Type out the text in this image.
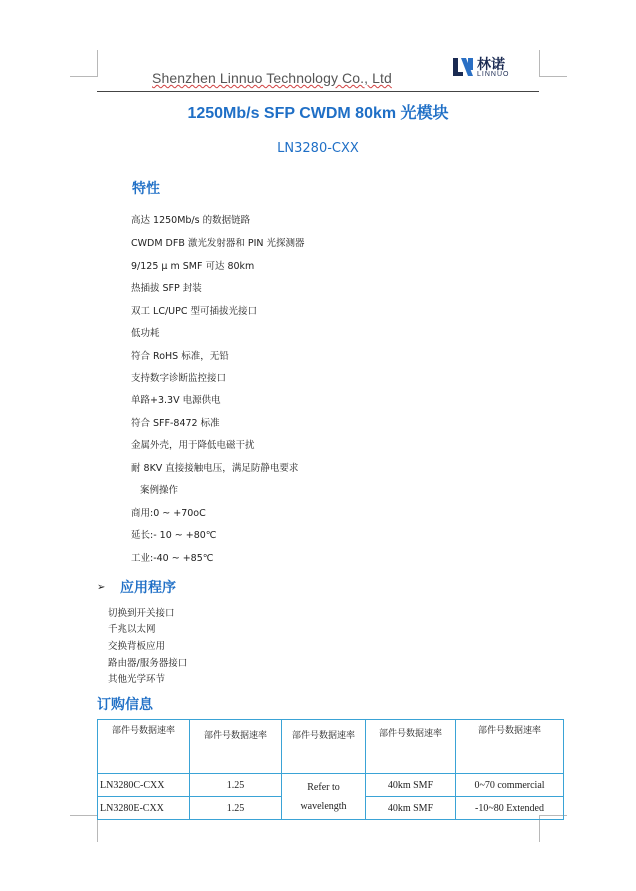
Shenzhen Linnuo Technology Co., Ltd
林诺
LINNUO
1250Mb/s SFP CWDM 80km 光模块
LN3280-CXX
特性
高达 1250Mb/s 的数据链路
CWDM DFB 激光发射器和 PIN 光探测器
9/125 μ m SMF 可达 80km
热插拔 SFP 封装
双工 LC/UPC 型可插拔光接口
低功耗
符合 RoHS 标准，无铅
支持数字诊断监控接口
单路+3.3V 电源供电
符合 SFF-8472 标准
金属外壳，用于降低电磁干扰
耐 8KV 直接接触电压，满足防静电要求
案例操作
商用:0 ~ +70oC
延长:- 10 ~ +80℃
工业:-40 ~ +85℃
➢ 应用程序
切换到开关接口
千兆以太网
交换背板应用
路由器/服务器接口
其他光学环节
订购信息
部件号数据速率	部件号数据速率	部件号数据速率	部件号数据速率	部件号数据速率
LN3280C-CXX	1.25	Refer to wavelength	40km SMF	0~70 commercial
LN3280E-CXX	1.25		40km SMF	-10~80 Extended
